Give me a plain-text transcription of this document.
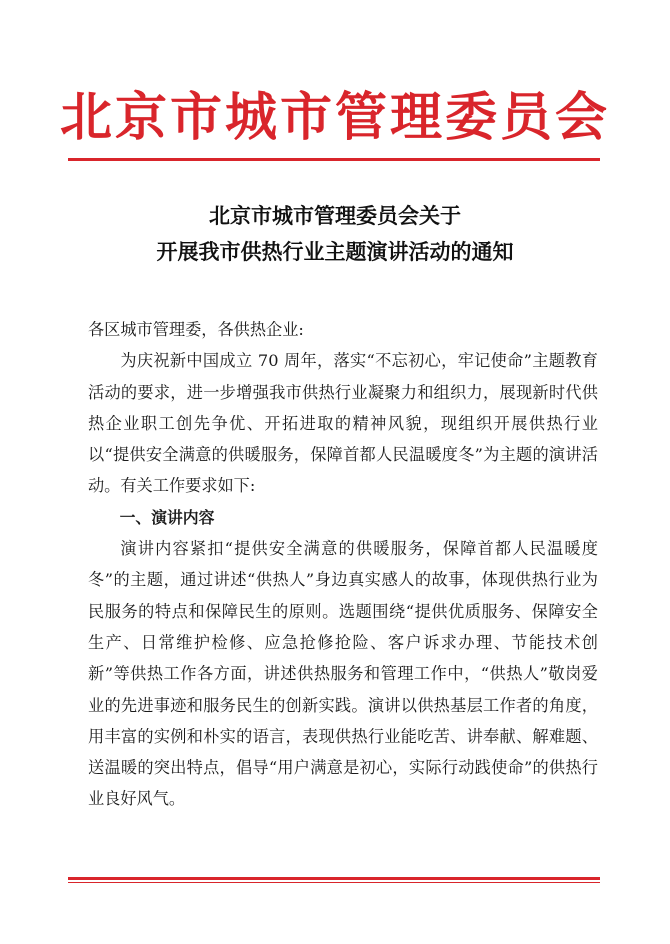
北京市城市管理委员会
北京市城市管理委员会关于
开展我市供热行业主题演讲活动的通知

各区城市管理委，各供热企业:

为庆祝新中国成立 70 周年，落实“不忘初心，牢记使命”主题教育活动的要求，进一步增强我市供热行业凝聚力和组织力，展现新时代供热企业职工创先争优、开拓进取的精神风貌，现组织开展供热行业以“提供安全满意的供暖服务，保障首都人民温暖度冬”为主题的演讲活动。有关工作要求如下:

一、演讲内容

演讲内容紧扣“提供安全满意的供暖服务，保障首都人民温暖度冬”的主题，通过讲述“供热人”身边真实感人的故事，体现供热行业为民服务的特点和保障民生的原则。选题围绕“提供优质服务、保障安全生产、日常维护检修、应急抢修抢险、客户诉求办理、节能技术创新”等供热工作各方面，讲述供热服务和管理工作中，“供热人”敬岗爱业的先进事迹和服务民生的创新实践。演讲以供热基层工作者的角度，用丰富的实例和朴实的语言，表现供热行业能吃苦、讲奉献、解难题、送温暖的突出特点，倡导“用户满意是初心，实际行动践使命”的供热行业良好风气。
